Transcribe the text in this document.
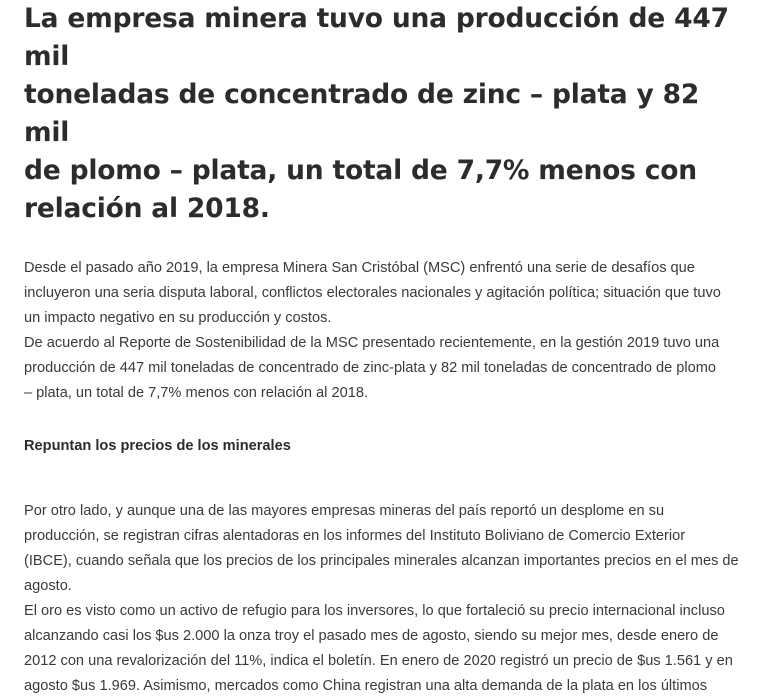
La empresa minera tuvo una producción de 447 mil
toneladas de concentrado de zinc – plata y 82 mil
de plomo – plata, un total de 7,7% menos con
relación al 2018.

Desde el pasado año 2019, la empresa Minera San Cristóbal (MSC) enfrentó una serie de desafíos que
incluyeron una seria disputa laboral, conflictos electorales nacionales y agitación política; situación que tuvo
un impacto negativo en su producción y costos.

De acuerdo al Reporte de Sostenibilidad de la MSC presentado recientemente, en la gestión 2019 tuvo una
producción de 447 mil toneladas de concentrado de zinc-plata y 82 mil toneladas de concentrado de plomo
– plata, un total de 7,7% menos con relación al 2018.

Repuntan los precios de los minerales

Por otro lado, y aunque una de las mayores empresas mineras del país reportó un desplome en su
producción, se registran cifras alentadoras en los informes del Instituto Boliviano de Comercio Exterior
(IBCE), cuando señala que los precios de los principales minerales alcanzan importantes precios en el mes de
agosto.

El oro es visto como un activo de refugio para los inversores, lo que fortaleció su precio internacional incluso
alcanzando casi los $us 2.000 la onza troy el pasado mes de agosto, siendo su mejor mes, desde enero de
2012 con una revalorización del 11%, indica el boletín. En enero de 2020 registró un precio de $us 1.561 y en
agosto $us 1.969. Asimismo, mercados como China registran una alta demanda de la plata en los últimos
